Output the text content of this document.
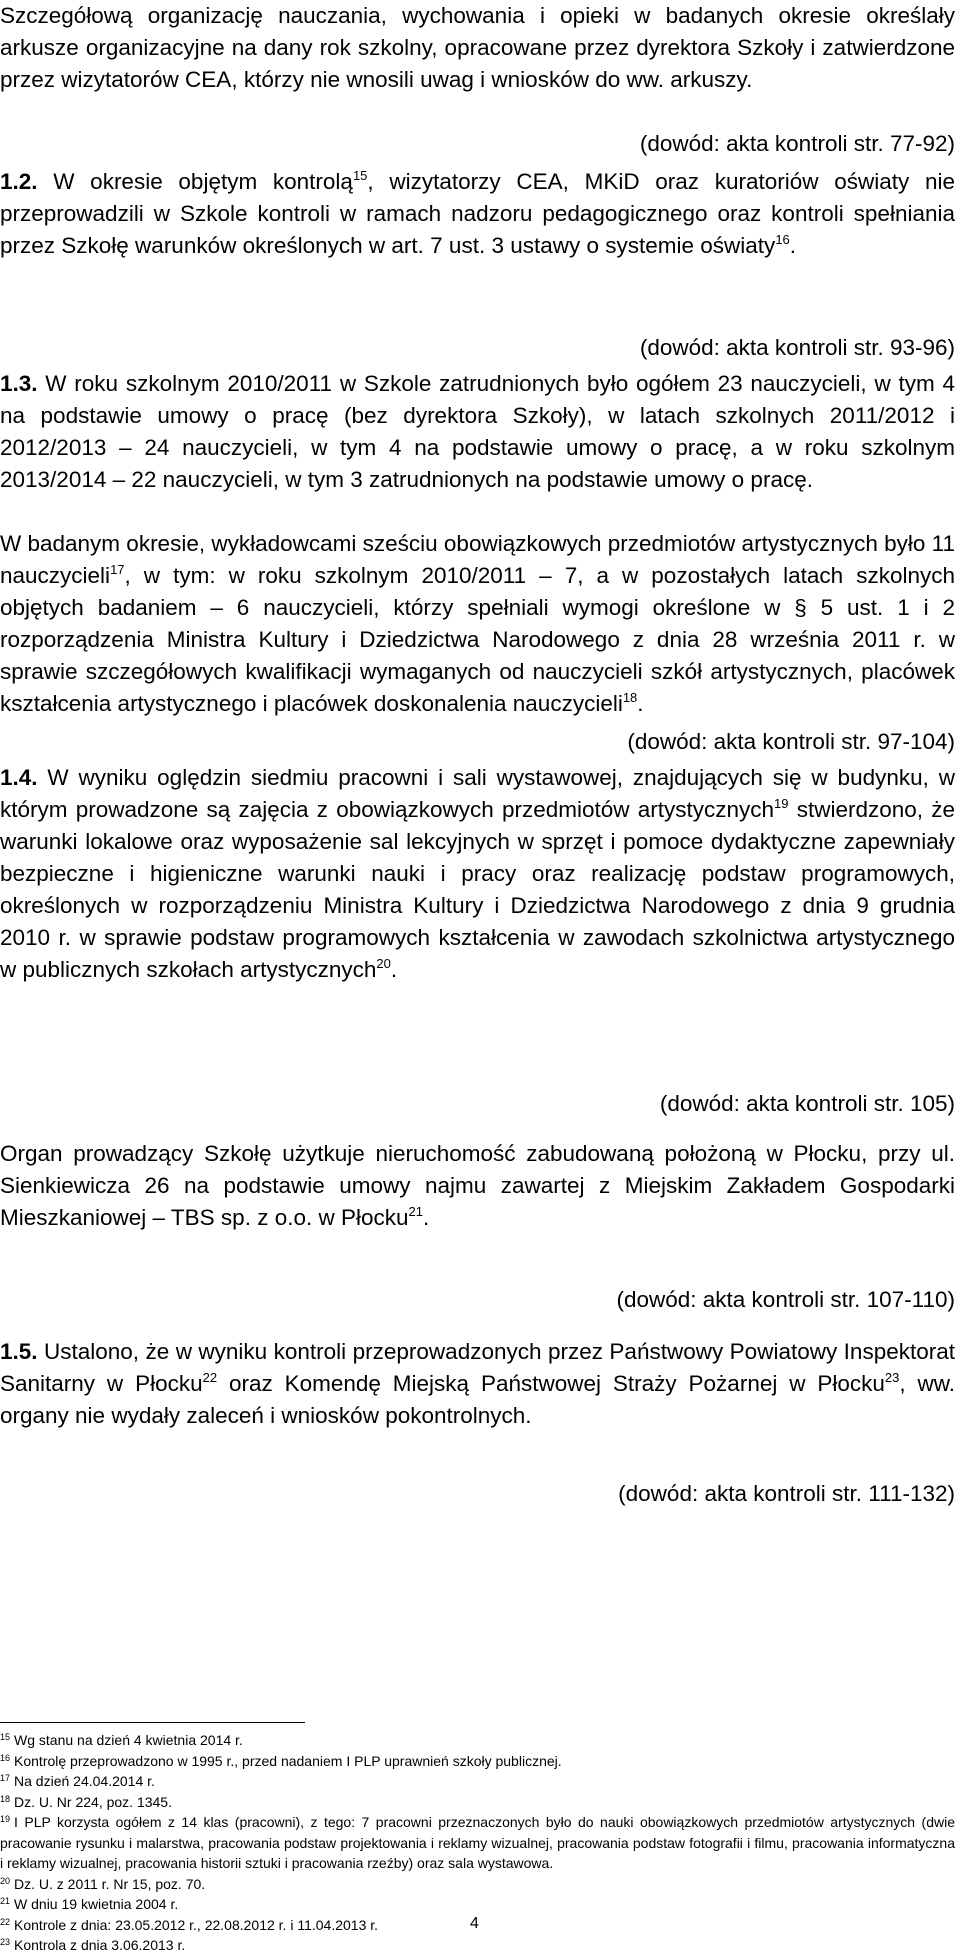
Szczegółową organizację nauczania, wychowania i opieki w badanych okresie określały arkusze organizacyjne na dany rok szkolny, opracowane przez dyrektora Szkoły i zatwierdzone przez wizytatorów CEA, którzy nie wnosili uwag i wniosków do ww. arkuszy.
(dowód: akta kontroli str. 77-92)
1.2. W okresie objętym kontrolą$^{15}$, wizytatorzy CEA, MKiD oraz kuratoriów oświaty nie przeprowadzili w Szkole kontroli w ramach nadzoru pedagogicznego oraz kontroli spełniania przez Szkołę warunków określonych w art. 7 ust. 3 ustawy o systemie oświaty$^{16}$.
(dowód: akta kontroli str. 93-96)
1.3. W roku szkolnym 2010/2011 w Szkole zatrudnionych było ogółem 23 nauczycieli, w tym 4 na podstawie umowy o pracę (bez dyrektora Szkoły), w latach szkolnych 2011/2012 i 2012/2013 – 24 nauczycieli, w tym 4 na podstawie umowy o pracę, a w roku szkolnym 2013/2014 – 22 nauczycieli, w tym 3 zatrudnionych na podstawie umowy o pracę.
W badanym okresie, wykładowcami sześciu obowiązkowych przedmiotów artystycznych było 11 nauczycieli$^{17}$, w tym: w roku szkolnym 2010/2011 – 7, a w pozostałych latach szkolnych objętych badaniem – 6 nauczycieli, którzy spełniali wymogi określone w § 5 ust. 1 i 2 rozporządzenia Ministra Kultury i Dziedzictwa Narodowego z dnia 28 września 2011 r. w sprawie szczegółowych kwalifikacji wymaganych od nauczycieli szkół artystycznych, placówek kształcenia artystycznego i placówek doskonalenia nauczycieli$^{18}$.
(dowód: akta kontroli str. 97-104)
1.4. W wyniku oględzin siedmiu pracowni i sali wystawowej, znajdujących się w budynku, w którym prowadzone są zajęcia z obowiązkowych przedmiotów artystycznych$^{19}$ stwierdzono, że warunki lokalowe oraz wyposażenie sal lekcyjnych w sprzęt i pomoce dydaktyczne zapewniały bezpieczne i higieniczne warunki nauki i pracy oraz realizację podstaw programowych, określonych w rozporządzeniu Ministra Kultury i Dziedzictwa Narodowego z dnia 9 grudnia 2010 r. w sprawie podstaw programowych kształcenia w zawodach szkolnictwa artystycznego w publicznych szkołach artystycznych$^{20}$.
(dowód: akta kontroli str. 105)
Organ prowadzący Szkołę użytkuje nieruchomość zabudowaną położoną w Płocku, przy ul. Sienkiewicza 26 na podstawie umowy najmu zawartej z Miejskim Zakładem Gospodarki Mieszkaniowej – TBS sp. z o.o. w Płocku$^{21}$.
(dowód: akta kontroli str. 107-110)
1.5. Ustalono, że w wyniku kontroli przeprowadzonych przez Państwowy Powiatowy Inspektorat Sanitarny w Płocku$^{22}$ oraz Komendę Miejską Państwowej Straży Pożarnej w Płocku$^{23}$, ww. organy nie wydały zaleceń i wniosków pokontrolnych.
(dowód: akta kontroli str. 111-132)

$^{15}$ Wg stanu na dzień 4 kwietnia 2014 r.

$^{16}$ Kontrolę przeprowadzono w 1995 r., przed nadaniem I PLP uprawnień szkoły publicznej.

$^{17}$ Na dzień 24.04.2014 r.

$^{18}$ Dz. U. Nr 224, poz. 1345.

$^{19}$ I PLP korzysta ogółem z 14 klas (pracowni), z tego: 7 pracowni przeznaczonych było do nauki obowiązkowych przedmiotów artystycznych (dwie pracowanie rysunku i malarstwa, pracowania podstaw projektowania i reklamy wizualnej, pracowania podstaw fotografii i filmu, pracowania informatyczna i reklamy wizualnej, pracowania historii sztuki i pracowania rzeźby) oraz sala wystawowa.

$^{20}$ Dz. U. z 2011 r. Nr 15, poz. 70.

$^{21}$ W dniu 19 kwietnia 2004 r.

$^{22}$ Kontrole z dnia: 23.05.2012 r., 22.08.2012 r. i 11.04.2013 r.

$^{23}$ Kontrola z dnia 3.06.2013 r.

4
